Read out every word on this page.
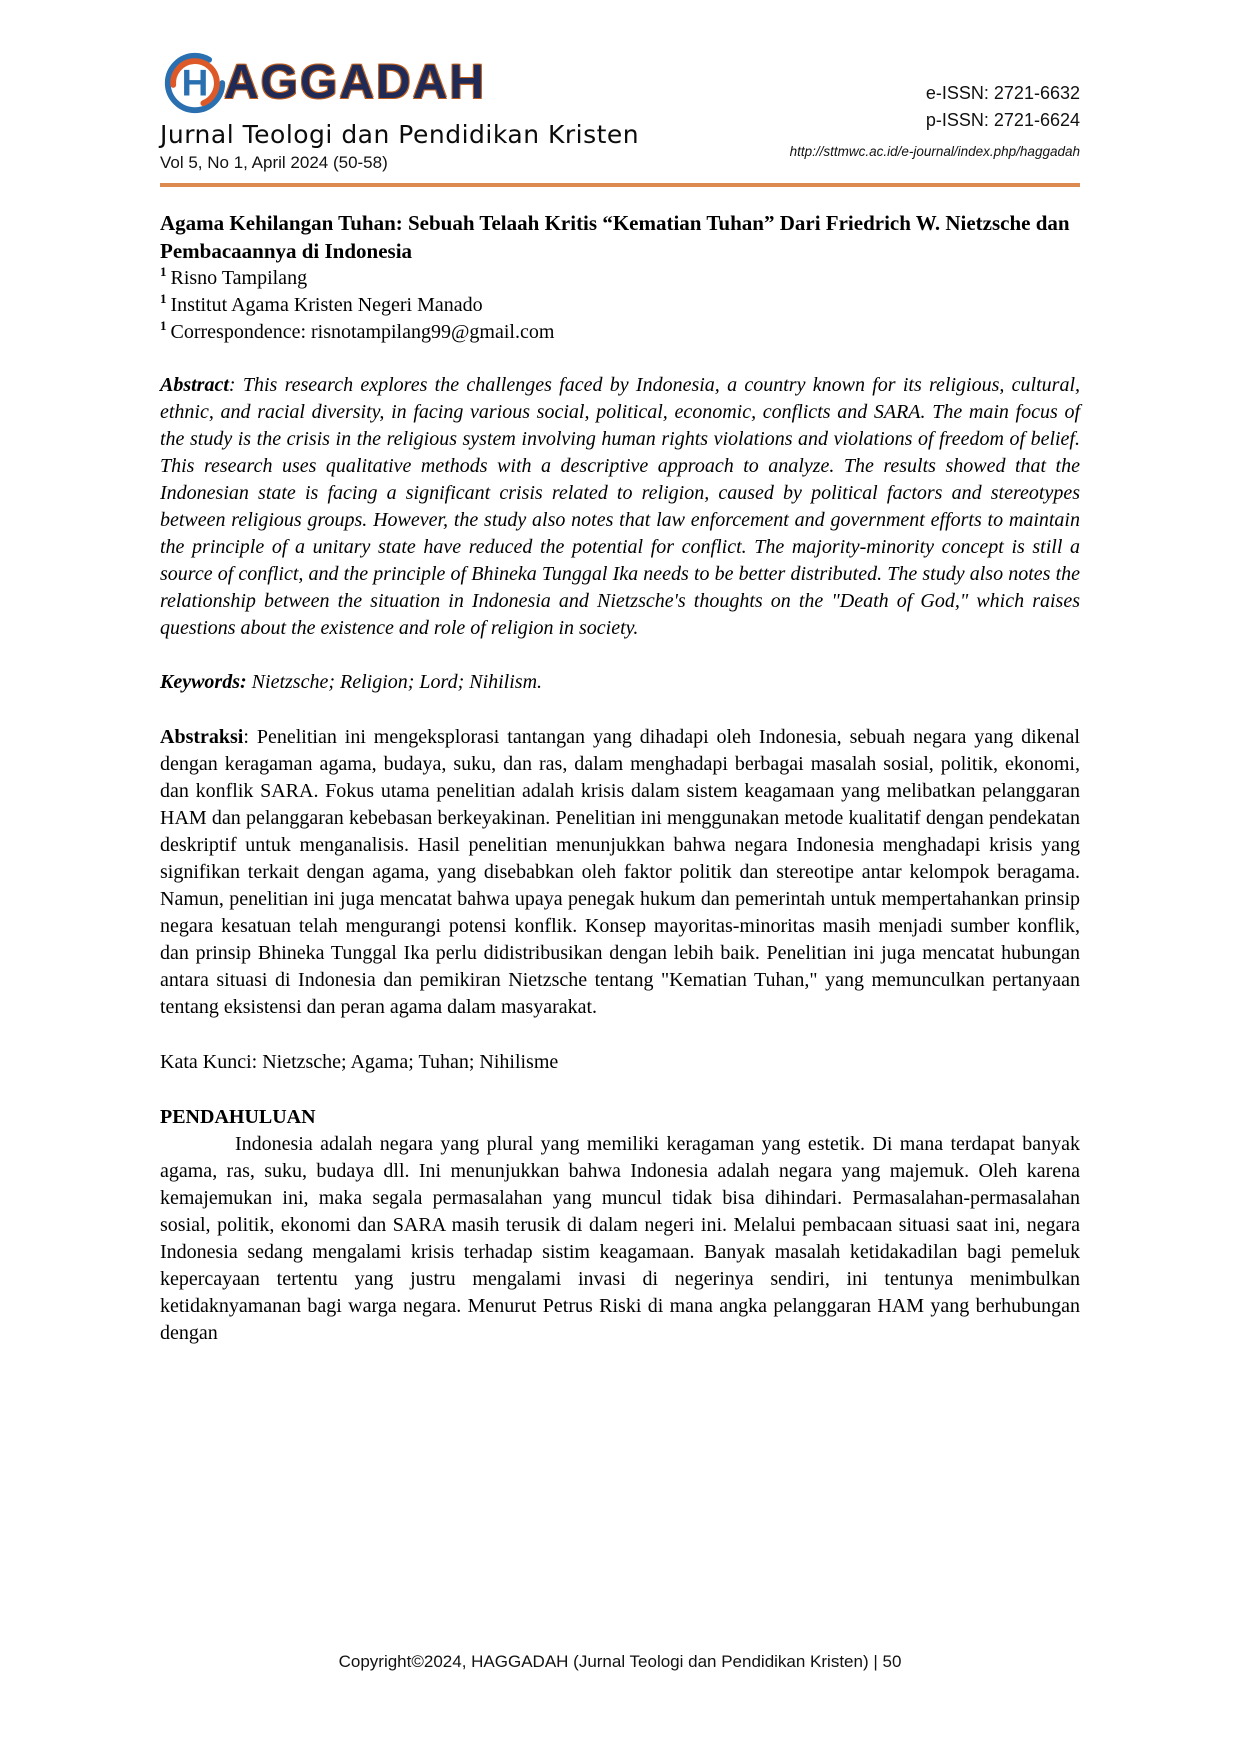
H AGGADAH
Jurnal Teologi dan Pendidikan Kristen
Vol 5, No 1, April 2024 (50-58)
e-ISSN: 2721-6632
p-ISSN: 2721-6624
http://sttmwc.ac.id/e-journal/index.php/haggadah
Agama Kehilangan Tuhan: Sebuah Telaah Kritis “Kematian Tuhan” Dari Friedrich W. Nietzsche dan Pembacaannya di Indonesia
$^1$ Risno Tampilang
$^1$ Institut Agama Kristen Negeri Manado
$^1$ Correspondence: risnotampilang99@gmail.com

Abstract: This research explores the challenges faced by Indonesia, a country known for its religious, cultural, ethnic, and racial diversity, in facing various social, political, economic, conflicts and SARA. The main focus of the study is the crisis in the religious system involving human rights violations and violations of freedom of belief. This research uses qualitative methods with a descriptive approach to analyze. The results showed that the Indonesian state is facing a significant crisis related to religion, caused by political factors and stereotypes between religious groups. However, the study also notes that law enforcement and government efforts to maintain the principle of a unitary state have reduced the potential for conflict. The majority-minority concept is still a source of conflict, and the principle of Bhineka Tunggal Ika needs to be better distributed. The study also notes the relationship between the situation in Indonesia and Nietzsche's thoughts on the "Death of God," which raises questions about the existence and role of religion in society.

Keywords: Nietzsche; Religion; Lord; Nihilism.

Abstraksi: Penelitian ini mengeksplorasi tantangan yang dihadapi oleh Indonesia, sebuah negara yang dikenal dengan keragaman agama, budaya, suku, dan ras, dalam menghadapi berbagai masalah sosial, politik, ekonomi, dan konflik SARA. Fokus utama penelitian adalah krisis dalam sistem keagamaan yang melibatkan pelanggaran HAM dan pelanggaran kebebasan berkeyakinan. Penelitian ini menggunakan metode kualitatif dengan pendekatan deskriptif untuk menganalisis. Hasil penelitian menunjukkan bahwa negara Indonesia menghadapi krisis yang signifikan terkait dengan agama, yang disebabkan oleh faktor politik dan stereotipe antar kelompok beragama. Namun, penelitian ini juga mencatat bahwa upaya penegak hukum dan pemerintah untuk mempertahankan prinsip negara kesatuan telah mengurangi potensi konflik. Konsep mayoritas-minoritas masih menjadi sumber konflik, dan prinsip Bhineka Tunggal Ika perlu didistribusikan dengan lebih baik. Penelitian ini juga mencatat hubungan antara situasi di Indonesia dan pemikiran Nietzsche tentang "Kematian Tuhan," yang memunculkan pertanyaan tentang eksistensi dan peran agama dalam masyarakat.

Kata Kunci: Nietzsche; Agama; Tuhan; Nihilisme

PENDAHULUAN

Indonesia adalah negara yang plural yang memiliki keragaman yang estetik. Di mana terdapat banyak agama, ras, suku, budaya dll. Ini menunjukkan bahwa Indonesia adalah negara yang majemuk. Oleh karena kemajemukan ini, maka segala permasalahan yang muncul tidak bisa dihindari. Permasalahan-permasalahan sosial, politik, ekonomi dan SARA masih terusik di dalam negeri ini. Melalui pembacaan situasi saat ini, negara Indonesia sedang mengalami krisis terhadap sistim keagamaan. Banyak masalah ketidakadilan bagi pemeluk kepercayaan tertentu yang justru mengalami invasi di negerinya sendiri, ini tentunya menimbulkan ketidaknyamanan bagi warga negara. Menurut Petrus Riski di mana angka pelanggaran HAM yang berhubungan dengan

Copyright©2024, HAGGADAH (Jurnal Teologi dan Pendidikan Kristen) | 50
